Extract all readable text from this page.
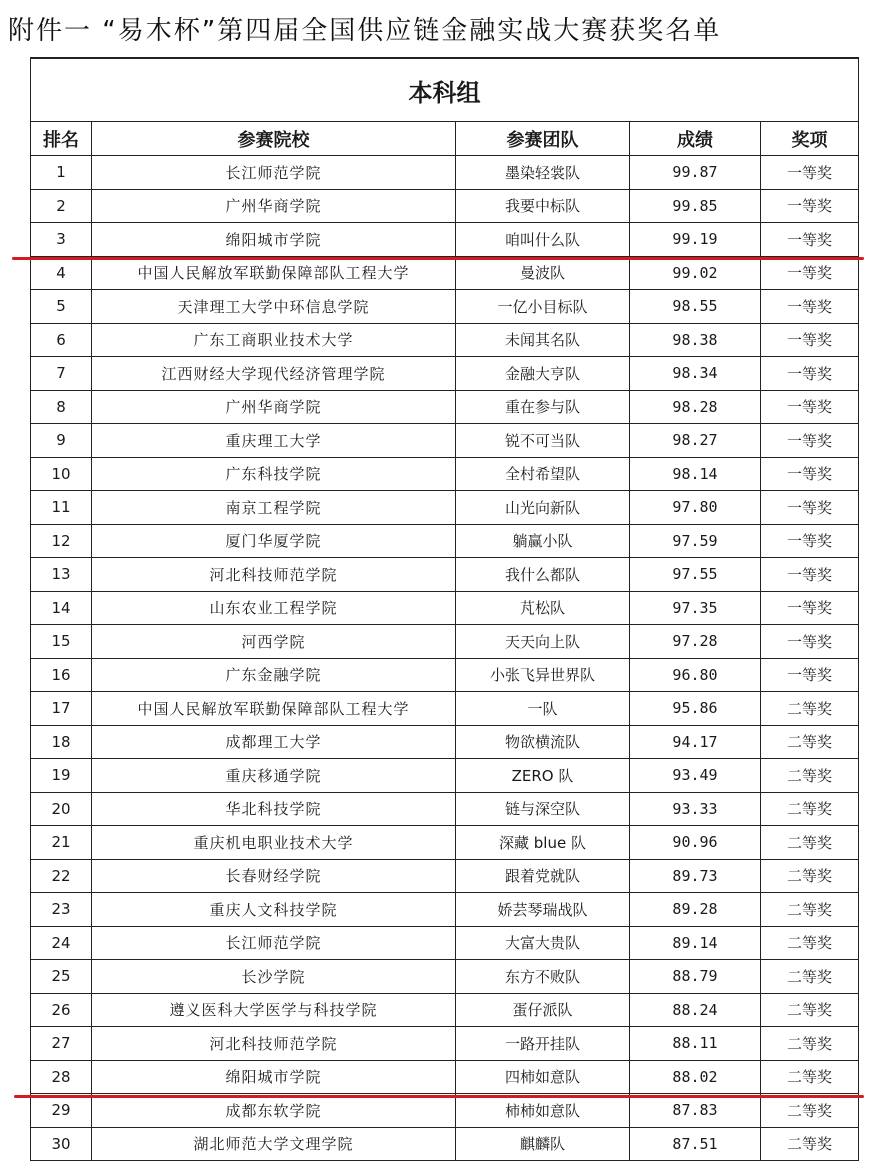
附件一 “易木杯”第四届全国供应链金融实战大赛获奖名单
本科组				
排名	参赛院校	参赛团队	成绩	奖项
1	长江师范学院	墨染轻裳队	99.87	一等奖
2	广州华商学院	我要中标队	99.85	一等奖
3	绵阳城市学院	咱叫什么队	99.19	一等奖
4	中国人民解放军联勤保障部队工程大学	曼波队	99.02	一等奖
5	天津理工大学中环信息学院	一亿小目标队	98.55	一等奖
6	广东工商职业技术大学	未闻其名队	98.38	一等奖
7	江西财经大学现代经济管理学院	金融大亨队	98.34	一等奖
8	广州华商学院	重在参与队	98.28	一等奖
9	重庆理工大学	锐不可当队	98.27	一等奖
10	广东科技学院	全村希望队	98.14	一等奖
11	南京工程学院	山光向新队	97.80	一等奖
12	厦门华厦学院	躺赢小队	97.59	一等奖
13	河北科技师范学院	我什么都队	97.55	一等奖
14	山东农业工程学院	芃松队	97.35	一等奖
15	河西学院	天天向上队	97.28	一等奖
16	广东金融学院	小张飞异世界队	96.80	一等奖
17	中国人民解放军联勤保障部队工程大学	一队	95.86	二等奖
18	成都理工大学	物欲横流队	94.17	二等奖
19	重庆移通学院	ZERO 队	93.49	二等奖
20	华北科技学院	链与深空队	93.33	二等奖
21	重庆机电职业技术大学	深藏 blue 队	90.96	二等奖
22	长春财经学院	跟着党就队	89.73	二等奖
23	重庆人文科技学院	娇芸琴瑞战队	89.28	二等奖
24	长江师范学院	大富大贵队	89.14	二等奖
25	长沙学院	东方不败队	88.79	二等奖
26	遵义医科大学医学与科技学院	蛋仔派队	88.24	二等奖
27	河北科技师范学院	一路开挂队	88.11	二等奖
28	绵阳城市学院	四柿如意队	88.02	二等奖
29	成都东软学院	柿柿如意队	87.83	二等奖
30	湖北师范大学文理学院	麒麟队	87.51	二等奖
